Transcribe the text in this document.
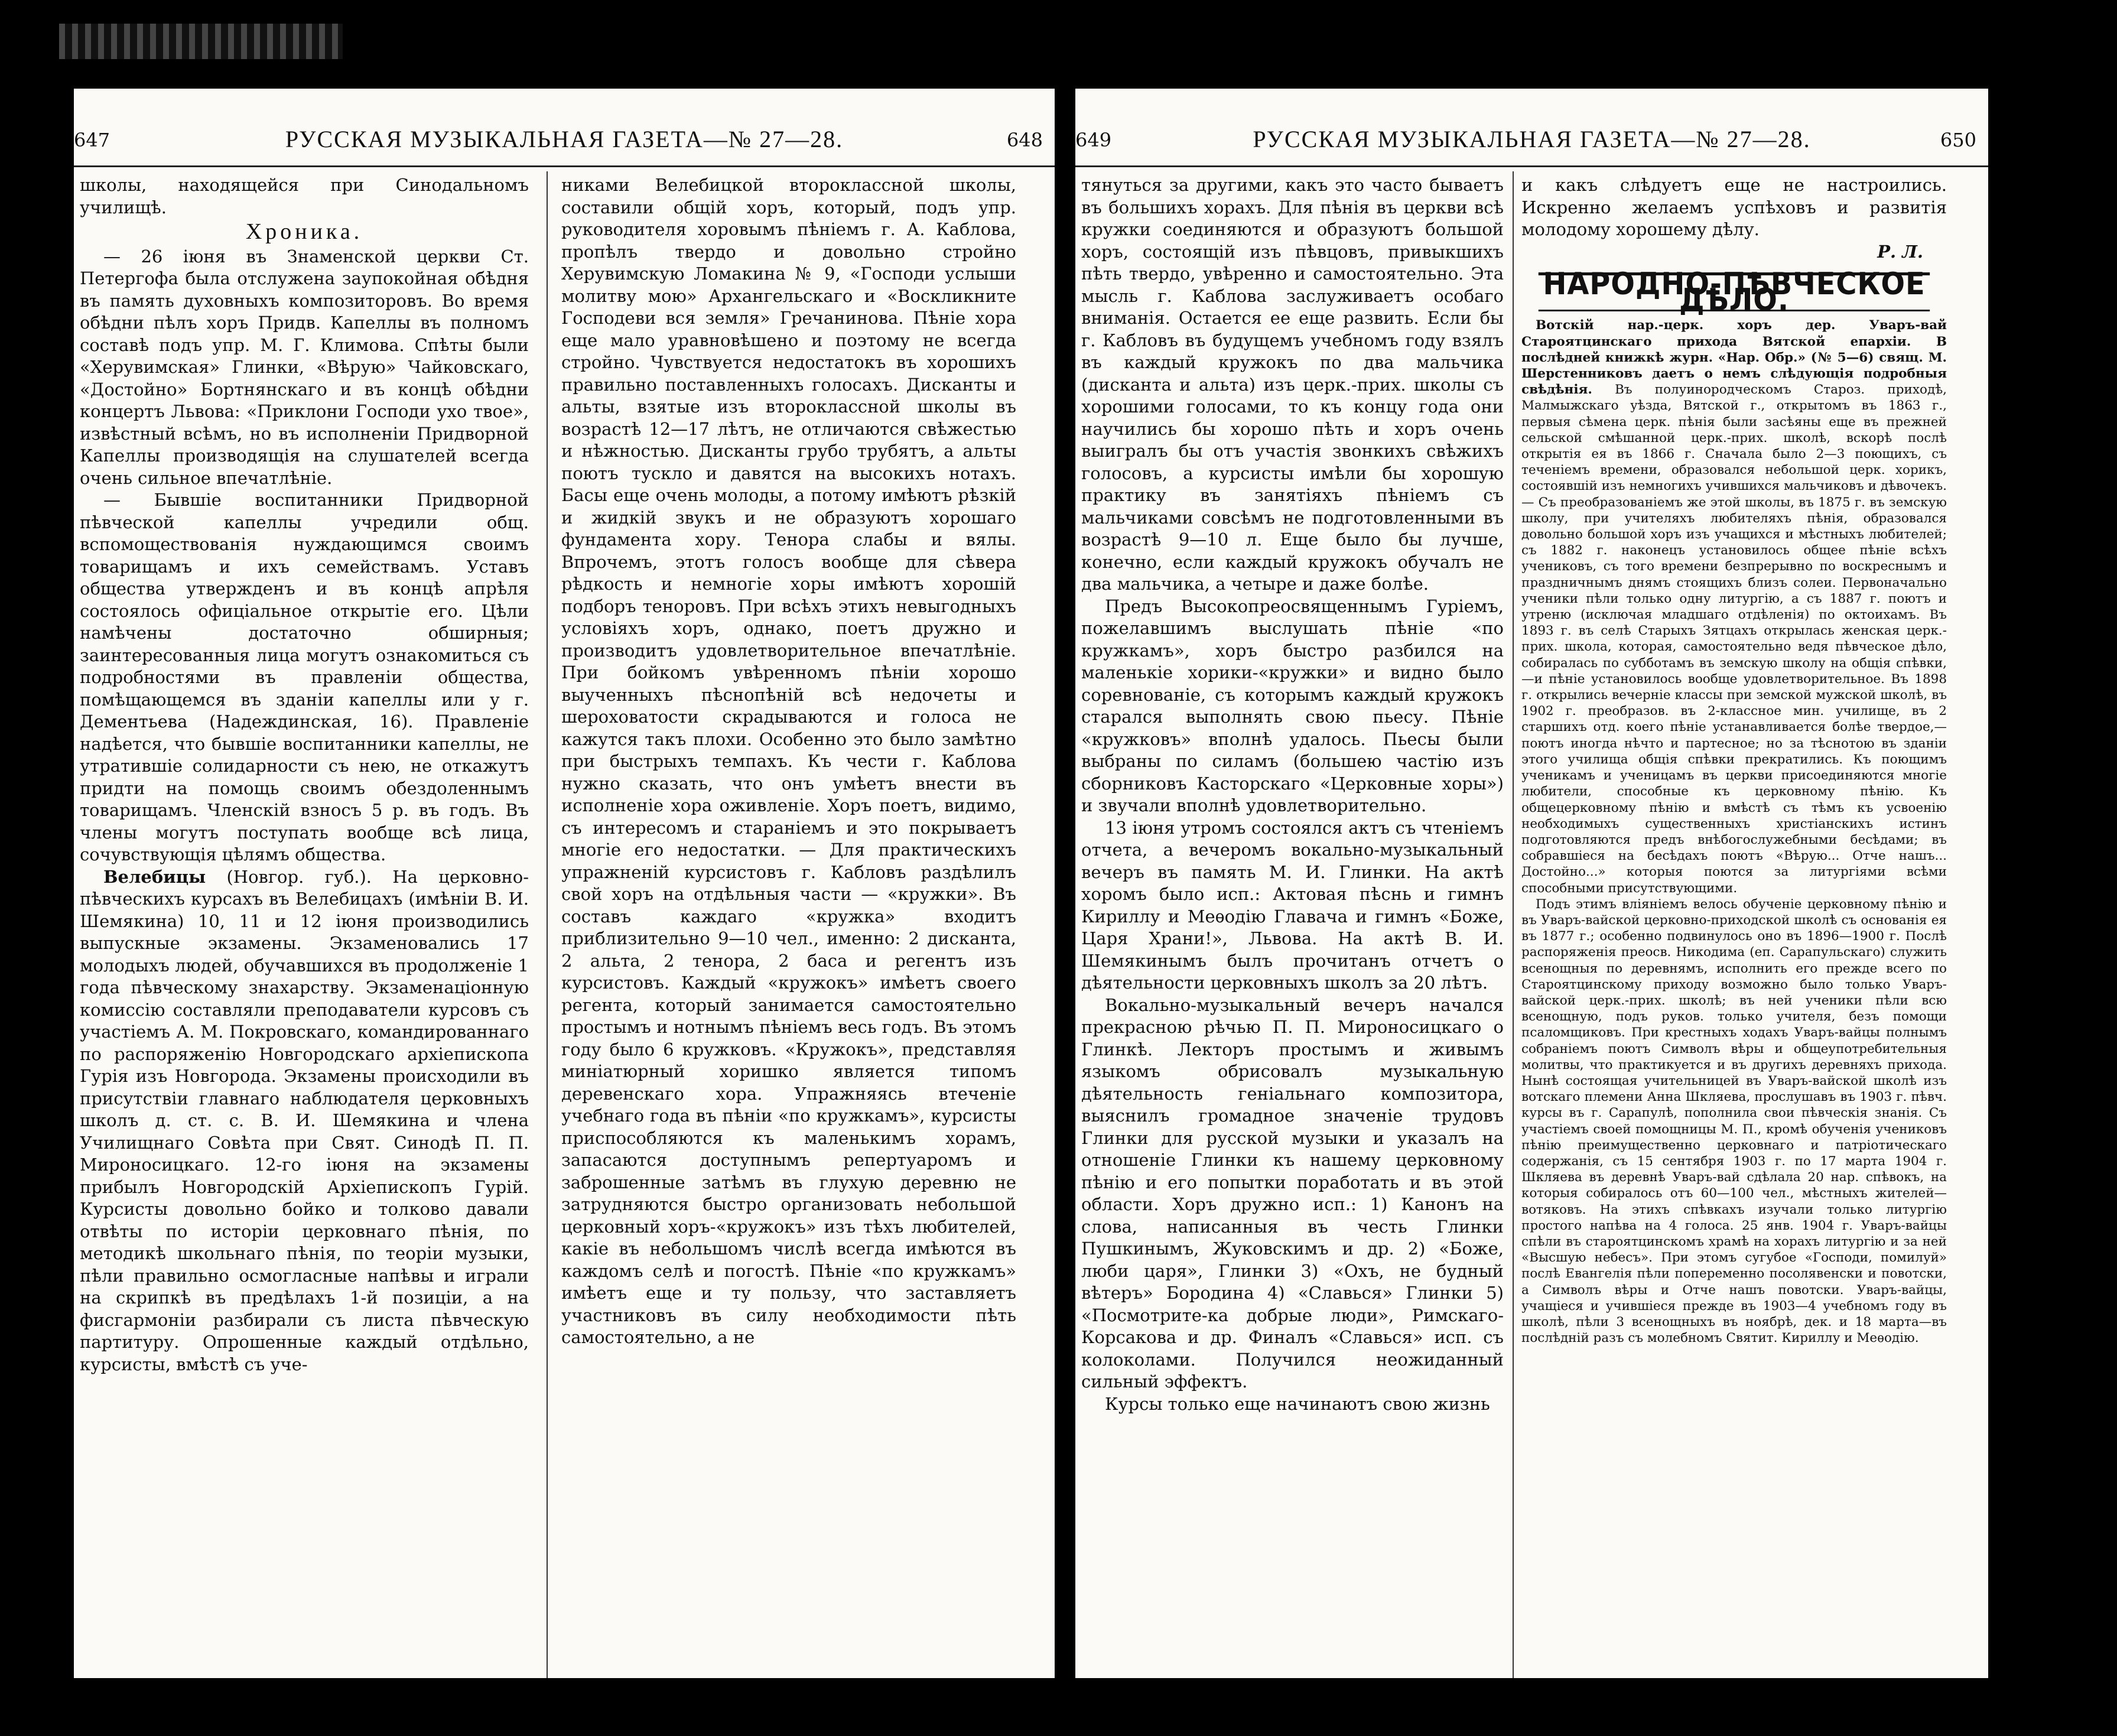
647	РУССКАЯ МУЗЫКАЛЬНАЯ ГАЗЕТА—№ 27—28.	648

школы, находящейся при Синодальномъ училищѣ.

Хроника.

— 26 іюня въ Знаменской церкви Ст. Петергофа была отслужена заупокойная обѣдня въ память духовныхъ композиторовъ. Во время обѣдни пѣлъ хоръ Придв. Капеллы въ полномъ составѣ подъ упр. М. Г. Климова. Спѣты были «Херувимская» Глинки, «Вѣрую» Чайковскаго, «Достойно» Бортнянскаго и въ концѣ обѣдни концертъ Львова: «Приклони Господи ухо твое», извѣстный всѣмъ, но въ исполненіи Придворной Капеллы производящія на слушателей всегда очень сильное впечатлѣніе.

— Бывшіе воспитанники Придворной пѣвческой капеллы учредили общ. вспомоществованія нуждающимся своимъ товарищамъ и ихъ семействамъ. Уставъ общества утвержденъ и въ концѣ апрѣля состоялось офиціальное открытіе его. Цѣли намѣчены достаточно обширныя; заинтересованныя лица могутъ ознакомиться съ подробностями въ правленіи общества, помѣщающемся въ зданіи капеллы или у г. Дементьева (Надеждинская, 16). Правленіе надѣется, что бывшіе воспитанники капеллы, не утратившіе солидарности съ нею, не откажутъ придти на помощь своимъ обездоленнымъ товарищамъ. Членскій взносъ 5 р. въ годъ. Въ члены могутъ поступать вообще всѣ лица, сочувствующія цѣлямъ общества.

Велебицы (Новгор. губ.). На церковно-пѣвческихъ курсахъ въ Велебицахъ (имѣніи В. И. Шемякина) 10, 11 и 12 іюня производились выпускные экзамены. Экзаменовались 17 молодыхъ людей, обучавшихся въ продолженіе 1 года пѣвческому знахарству. Экзаменаціонную комиссію составляли преподаватели курсовъ съ участіемъ А. М. Покровскаго, командированнаго по распоряженію Новгородскаго архіепископа Гурія изъ Новгорода. Экзамены происходили въ присутствіи главнаго наблюдателя церковныхъ школъ д. ст. с. В. И. Шемякина и члена Училищнаго Совѣта при Свят. Синодѣ П. П. Мироносицкаго. 12-го іюня на экзамены прибылъ Новгородскій Архіепископъ Гурій. Курсисты довольно бойко и толково давали отвѣты по исторіи церковнаго пѣнія, по методикѣ школьнаго пѣнія, по теоріи музыки, пѣли правильно осмогласные напѣвы и играли на скрипкѣ въ предѣлахъ 1-й позиціи, а на фисгармоніи разбирали съ листа пѣвческую партитуру. Опрошенные каждый отдѣльно, курсисты, вмѣстѣ съ уче-

никами Велебицкой второклассной школы, составили общій хоръ, который, подъ упр. руководителя хоровымъ пѣніемъ г. А. Каблова, пропѣлъ твердо и довольно стройно Херувимскую Ломакина № 9, «Господи услыши молитву мою» Архангельскаго и «Воскликните Господеви вся земля» Гречанинова. Пѣніе хора еще мало уравновѣшено и поэтому не всегда стройно. Чувствуется недостатокъ въ хорошихъ правильно поставленныхъ голосахъ. Дисканты и альты, взятые изъ второклассной школы въ возрастѣ 12—17 лѣтъ, не отличаются свѣжестью и нѣжностью. Дисканты грубо трубятъ, а альты поютъ тускло и давятся на высокихъ нотахъ. Басы еще очень молоды, а потому имѣютъ рѣзкій и жидкій звукъ и не образуютъ хорошаго фундамента хору. Тенора слабы и вялы. Впрочемъ, этотъ голосъ вообще для сѣвера рѣдкость и немногіе хоры имѣютъ хорошій подборъ теноровъ. При всѣхъ этихъ невыгодныхъ условіяхъ хоръ, однако, поетъ дружно и производитъ удовлетворительное впечатлѣніе. При бойкомъ увѣренномъ пѣніи хорошо выученныхъ пѣснопѣній всѣ недочеты и шероховатости скрадываются и голоса не кажутся такъ плохи. Особенно это было замѣтно при быстрыхъ темпахъ. Къ чести г. Каблова нужно сказать, что онъ умѣетъ внести въ исполненіе хора оживленіе. Хоръ поетъ, видимо, съ интересомъ и стараніемъ и это покрываетъ многіе его недостатки. — Для практическихъ упражненій курсистовъ г. Кабловъ раздѣлилъ свой хоръ на отдѣльныя части — «кружки». Въ составъ каждаго «кружка» входитъ приблизительно 9—10 чел., именно: 2 дисканта, 2 альта, 2 тенора, 2 баса и регентъ изъ курсистовъ. Каждый «кружокъ» имѣетъ своего регента, который занимается самостоятельно простымъ и нотнымъ пѣніемъ весь годъ. Въ этомъ году было 6 кружковъ. «Кружокъ», представляя миніатюрный хоришко является типомъ деревенскаго хора. Упражняясь втеченіе учебнаго года въ пѣніи «по кружкамъ», курсисты приспособляются къ маленькимъ хорамъ, запасаются доступнымъ репертуаромъ и заброшенные затѣмъ въ глухую деревню не затрудняются быстро организовать небольшой церковный хоръ-«кружокъ» изъ тѣхъ любителей, какіе въ небольшомъ числѣ всегда имѣются въ каждомъ селѣ и погостѣ. Пѣніе «по кружкамъ» имѣетъ еще и ту пользу, что заставляетъ участниковъ въ силу необходимости пѣть самостоятельно, а не

649	РУССКАЯ МУЗЫКАЛЬНАЯ ГАЗЕТА—№ 27—28.	650

тянуться за другими, какъ это часто бываетъ въ большихъ хорахъ. Для пѣнія въ церкви всѣ кружки соединяются и образуютъ большой хоръ, состоящій изъ пѣвцовъ, привыкшихъ пѣть твердо, увѣренно и самостоятельно. Эта мысль г. Каблова заслуживаетъ особаго вниманія. Остается ее еще развить. Если бы г. Кабловъ въ будущемъ учебномъ году взялъ въ каждый кружокъ по два мальчика (дисканта и альта) изъ церк.-прих. школы съ хорошими голосами, то къ концу года они научились бы хорошо пѣть и хоръ очень выигралъ бы отъ участія звонкихъ свѣжихъ голосовъ, а курсисты имѣли бы хорошую практику въ занятіяхъ пѣніемъ съ мальчиками совсѣмъ не подготовленными въ возрастѣ 9—10 л. Еще было бы лучше, конечно, если каждый кружокъ обучалъ не два мальчика, а четыре и даже болѣе.

Предъ Высокопреосвященнымъ Гуріемъ, пожелавшимъ выслушать пѣніе «по кружкамъ», хоръ быстро разбился на маленькіе хорики-«кружки» и видно было соревнованіе, съ которымъ каждый кружокъ старался выполнять свою пьесу. Пѣніе «кружковъ» вполнѣ удалось. Пьесы были выбраны по силамъ (большею частію изъ сборниковъ Касторскаго «Церковные хоры») и звучали вполнѣ удовлетворительно.

13 іюня утромъ состоялся актъ съ чтеніемъ отчета, а вечеромъ вокально-музыкальный вечеръ въ память М. И. Глинки. На актѣ хоромъ было исп.: Актовая пѣснь и гимнъ Кириллу и Меѳодію Главача и гимнъ «Боже, Царя Храни!», Львова. На актѣ В. И. Шемякинымъ былъ прочитанъ отчетъ о дѣятельности церковныхъ школъ за 20 лѣтъ.

Вокально-музыкальный вечеръ начался прекрасною рѣчью П. П. Мироносицкаго о Глинкѣ. Лекторъ простымъ и живымъ языкомъ обрисовалъ музыкальную дѣятельность геніальнаго композитора, выяснилъ громадное значеніе трудовъ Глинки для русской музыки и указалъ на отношеніе Глинки къ нашему церковному пѣнію и его попытки поработать и въ этой области. Хоръ дружно исп.: 1) Канонъ на слова, написанныя въ честь Глинки Пушкинымъ, Жуковскимъ и др. 2) «Боже, люби царя», Глинки 3) «Охъ, не будный вѣтеръ» Бородина 4) «Славься» Глинки 5) «Посмотрите-ка добрые люди», Римскаго-Корсакова и др. Финалъ «Славься» исп. съ колоколами. Получился неожиданный сильный эффектъ.

Курсы только еще начинаютъ свою жизнь

и какъ слѣдуетъ еще не настроились. Искренно желаемъ успѣховъ и развитія молодому хорошему дѣлу.

Р. Л.

НАРОДНО-ПѢВЧЕСКОЕ ДѢЛО.

Вотскій нар.-церк. хоръ дер. Уваръ-вай Староятцинскаго прихода Вятской епархіи. В послѣдней книжкѣ журн. «Нар. Обр.» (№ 5—6) свящ. М. Шерстенниковъ даетъ о немъ слѣдующія подробныя свѣдѣнія. Въ полуинородческомъ Староз. приходѣ, Малмыжскаго уѣзда, Вятской г., открытомъ въ 1863 г., первыя сѣмена церк. пѣнія были засѣяны еще въ прежней сельской смѣшанной церк.-прих. школѣ, вскорѣ послѣ открытія ея въ 1866 г. Сначала было 2—3 поющихъ, съ теченіемъ времени, образовался небольшой церк. хорикъ, состоявшій изъ немногихъ учившихся мальчиковъ и дѣвочекъ. — Съ преобразованіемъ же этой школы, въ 1875 г. въ земскую школу, при учителяхъ любителяхъ пѣнія, образовался довольно большой хоръ изъ учащихся и мѣстныхъ любителей; съ 1882 г. наконецъ установилось общее пѣніе всѣхъ учениковъ, съ того времени безпрерывно по воскреснымъ и праздничнымъ днямъ стоящихъ близъ солеи. Первоначально ученики пѣли только одну литургію, а съ 1887 г. поютъ и утреню (исключая младшаго отдѣленія) по октоихамъ. Въ 1893 г. въ селѣ Старыхъ Зятцахъ открылась женская церк.-прих. школа, которая, самостоятельно ведя пѣвческое дѣло, собиралась по субботамъ въ земскую школу на общія спѣвки,—и пѣніе установилось вообще удовлетворительное. Въ 1898 г. открылись вечерніе классы при земской мужской школѣ, въ 1902 г. преобразов. въ 2-классное мин. училище, въ 2 старшихъ отд. коего пѣніе устанавливается болѣе твердое,—поютъ иногда нѣчто и партесное; но за тѣснотою въ зданіи этого училища общія спѣвки прекратились. Къ поющимъ ученикамъ и ученицамъ въ церкви присоединяются многіе любители, способные къ церковному пѣнію. Къ общецерковному пѣнію и вмѣстѣ съ тѣмъ къ усвоенію необходимыхъ существенныхъ христіанскихъ истинъ подготовляются предъ внѣбогослужебными бесѣдами; въ собравшіеся на бесѣдахъ поютъ «Вѣрую... Отче нашъ... Достойно...» которыя поются за литургіями всѣми способными присутствующими.

Подъ этимъ вліяніемъ велось обученіе церковному пѣнію и въ Уваръ-вайской церковно-приходской школѣ съ основанія ея въ 1877 г.; особенно подвинулось оно въ 1896—1900 г. Послѣ распоряженія преосв. Никодима (еп. Сарапульскаго) служить всенощныя по деревнямъ, исполнить его прежде всего по Староятцинскому приходу возможно было только Уваръ-вайской церк.-прих. школѣ; въ ней ученики пѣли всю всенощную, подъ руков. только учителя, безъ помощи псаломщиковъ. При крестныхъ ходахъ Уваръ-вайцы полнымъ собраніемъ поютъ Символъ вѣры и общеупотребительныя молитвы, что практикуется и въ другихъ деревняхъ прихода. Нынѣ состоящая учительницей въ Уваръ-вайской школѣ изъ вотскаго племени Анна Шкляева, прослушавъ въ 1903 г. пѣвч. курсы въ г. Сарапулѣ, пополнила свои пѣвческія знанія. Съ участіемъ своей помощницы М. П., кромѣ обученія учениковъ пѣнію преимущественно церковнаго и патріотическаго содержанія, съ 15 сентября 1903 г. по 17 марта 1904 г. Шкляева въ деревнѣ Уваръ-вай сдѣлала 20 нар. спѣвокъ, на которыя собиралось отъ 60—100 чел., мѣстныхъ жителей—вотяковъ. На этихъ спѣвкахъ изучали только литургію простого напѣва на 4 голоса. 25 янв. 1904 г. Уваръ-вайцы спѣли въ староятцинскомъ храмѣ на хорахъ литургію и за ней «Высшую небесъ». При этомъ сугубое «Господи, помилуй» послѣ Евангелія пѣли попеременно посолявенски и повотски, а Символъ вѣры и Отче нашъ повотски. Уваръ-вайцы, учащіеся и учившіеся прежде въ 1903—4 учебномъ году въ школѣ, пѣли 3 всенощныхъ въ ноябрѣ, дек. и 18 марта—въ послѣдній разъ съ молебномъ Святит. Кириллу и Меѳодію.
